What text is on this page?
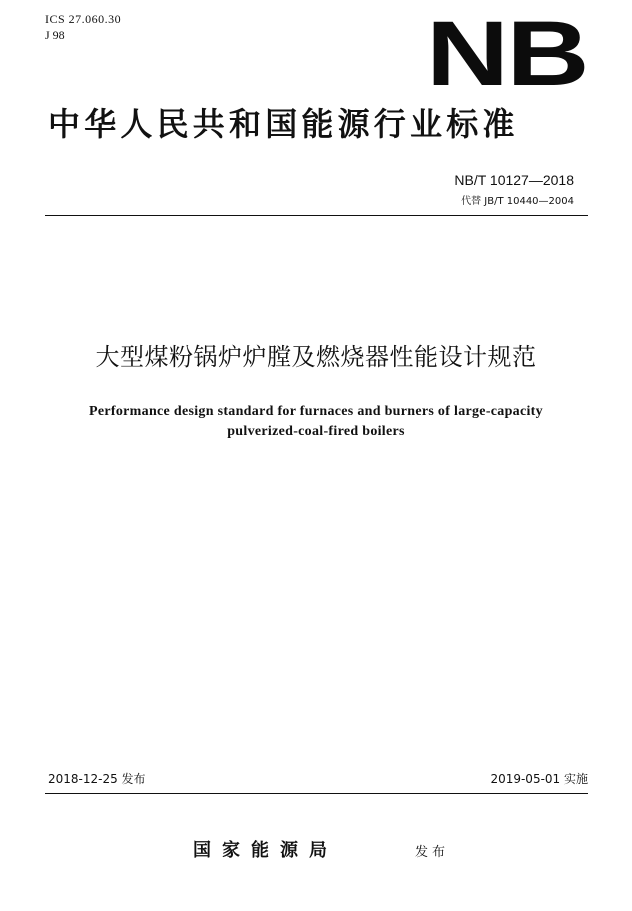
ICS 27.060.30
J 98	NB
中华人民共和国能源行业标准
NB/T 10127—2018
代替 JB/T 10440—2004
大型煤粉锅炉炉膛及燃烧器性能设计规范
Performance design standard for furnaces and burners of large-capacity
pulverized-coal-fired boilers
2018-12-25 发布	2019-05-01 实施
国家能源局	发布
